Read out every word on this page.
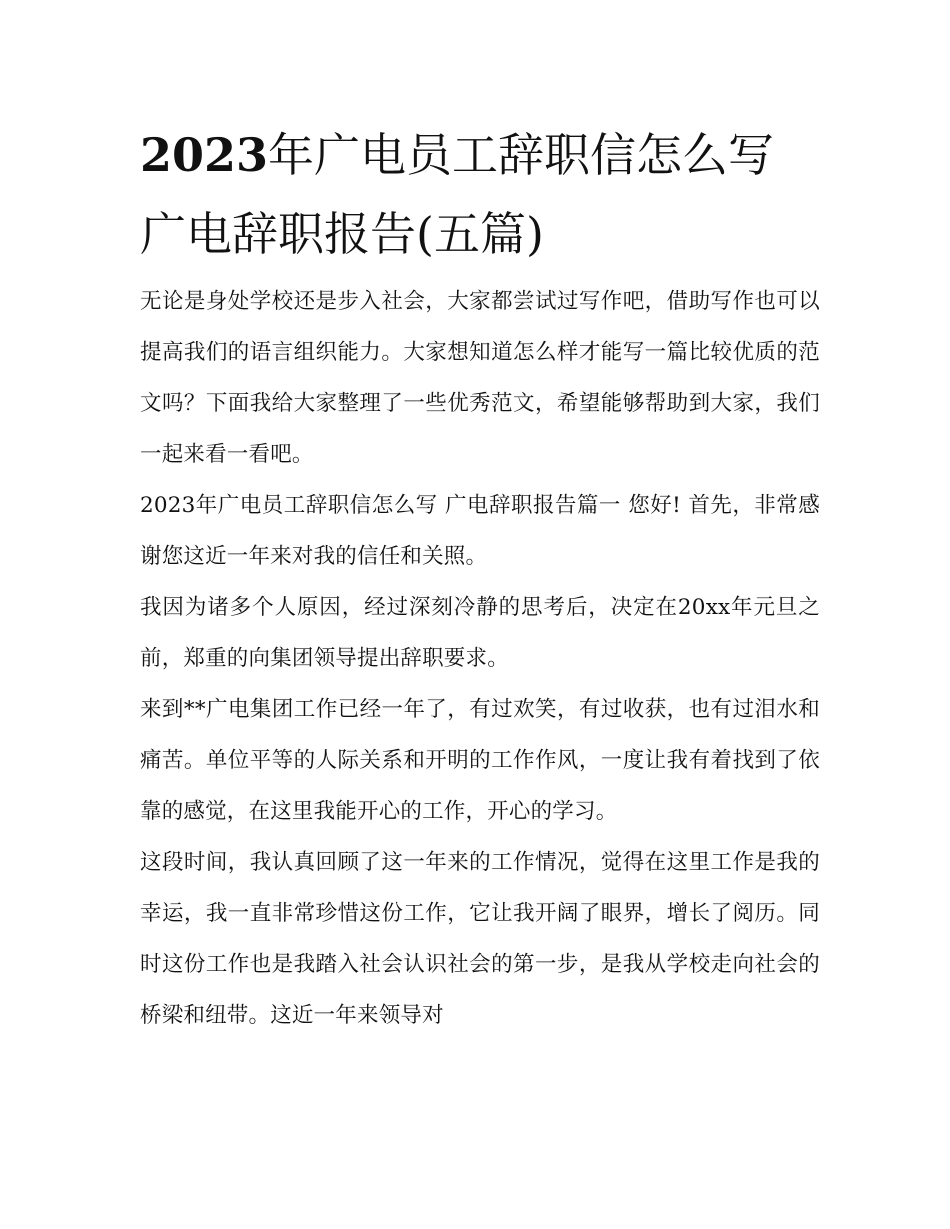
2023年广电员工辞职信怎么写 广电辞职报告(五篇)

无论是身处学校还是步入社会，大家都尝试过写作吧，借助写作也可以提高我们的语言组织能力。大家想知道怎么样才能写一篇比较优质的范文吗？下面我给大家整理了一些优秀范文，希望能够帮助到大家，我们一起来看一看吧。

2023年广电员工辞职信怎么写 广电辞职报告篇一 您好! 首先，非常感谢您这近一年来对我的信任和关照。

我因为诸多个人原因，经过深刻冷静的思考后，决定在20xx年元旦之前，郑重的向集团领导提出辞职要求。

来到**广电集团工作已经一年了，有过欢笑，有过收获，也有过泪水和痛苦。单位平等的人际关系和开明的工作作风，一度让我有着找到了依靠的感觉，在这里我能开心的工作，开心的学习。

这段时间，我认真回顾了这一年来的工作情况，觉得在这里工作是我的幸运，我一直非常珍惜这份工作，它让我开阔了眼界，增长了阅历。同时这份工作也是我踏入社会认识社会的第一步，是我从学校走向社会的桥梁和纽带。这近一年来领导对
